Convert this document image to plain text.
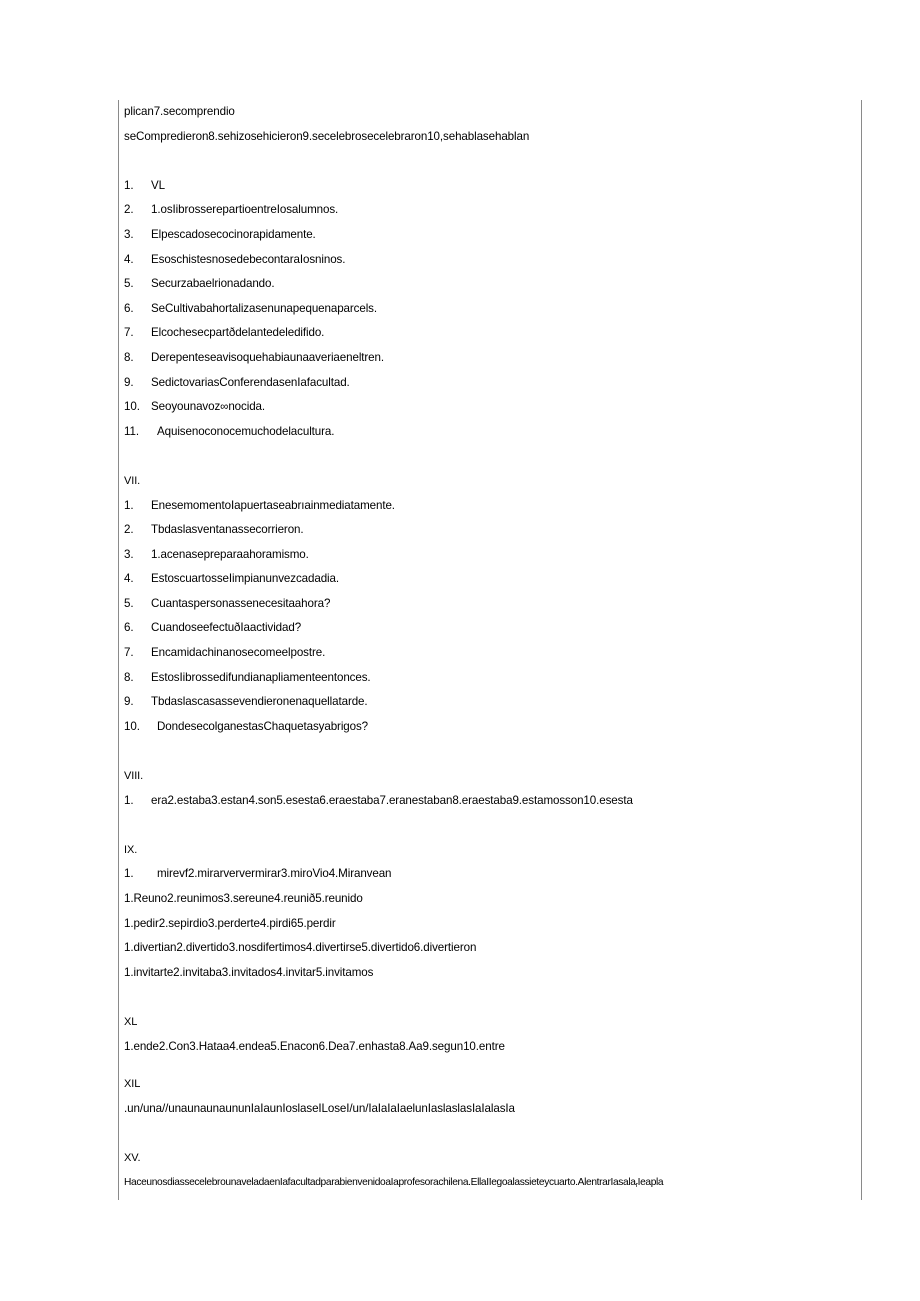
plican7.secomprendio
seCompredieron8.sehizosehicieron9.secelebrosecelebraron10,sehablasehablan
1.	VL
2.	1.osIibrosserepartioentreIosalumnos.
3.	Elpescadosecocinorapidamente.
4.	EsoschistesnosedebecontaraIosninos.
5.	Securzabaelrionadando.
6.	SeCultivabahortalizasenunapequenaparcels.
7.	Elcochesecpartðdelantedeledifido.
8.	Derepenteseavisoquehabiaunaaveriaeneltren.
9.	SedictovariasConferendasenIafacultad.
10. Seoyounavoz∞nocida.
11.	Aquisenoconocemuchodelacultura.
VII.
1.	EnesemomentoIapuertaseabrıainmediatamente.
2.	Tbdaslasventanassecorrieron.
3.	1.acenasepreparaahoramismo.
4.	EstoscuartosseIimpianunvezcadadia.
5.	Cuantaspersonassenecesitaahora?
6.	CuandoseefectuðIaactividad?
7.	Encamidachinanosecomeelpostre.
8.	EstosIibrossedifundianapliamenteentonces.
9.	Tbdaslascasassevendieronenaquellatarde.
10.	DondesecolganestasChaquetasyabrigos?
VIII.
1.	era2.estaba3.estan4.son5.esesta6.eraestaba7.eranestaban8.eraestaba9.estamosson10.esesta
IX.
1.	mirevf2.mirarververmirar3.miroVio4.Miranvean
1.Reuno2.reunimos3.sereune4.reunið5.reunido
1.pedir2.sepirdio3.perderte4.pirdi65.perdir
1.divertian2.divertido3.nosdifertimos4.divertirse5.divertido6.divertieron
1.invitarte2.invitaba3.invitados4.invitar5.invitamos
XL
1.ende2.Con3.Hataa4.endea5.Enacon6.Dea7.enhasta8.Aa9.segun10.entre
XIL
.un/una//unaunaunaununIaIaunIoslaseILoseI/un/IaIaIaIaelunIaslaslasIaIalasIa
XV.
HaceunosdiassecelebrounaveladaenIafacultadparabienvenidoaIaprofesorachilena.EllaIIegoalassieteycuarto.AlentrarIasalarIeapla
